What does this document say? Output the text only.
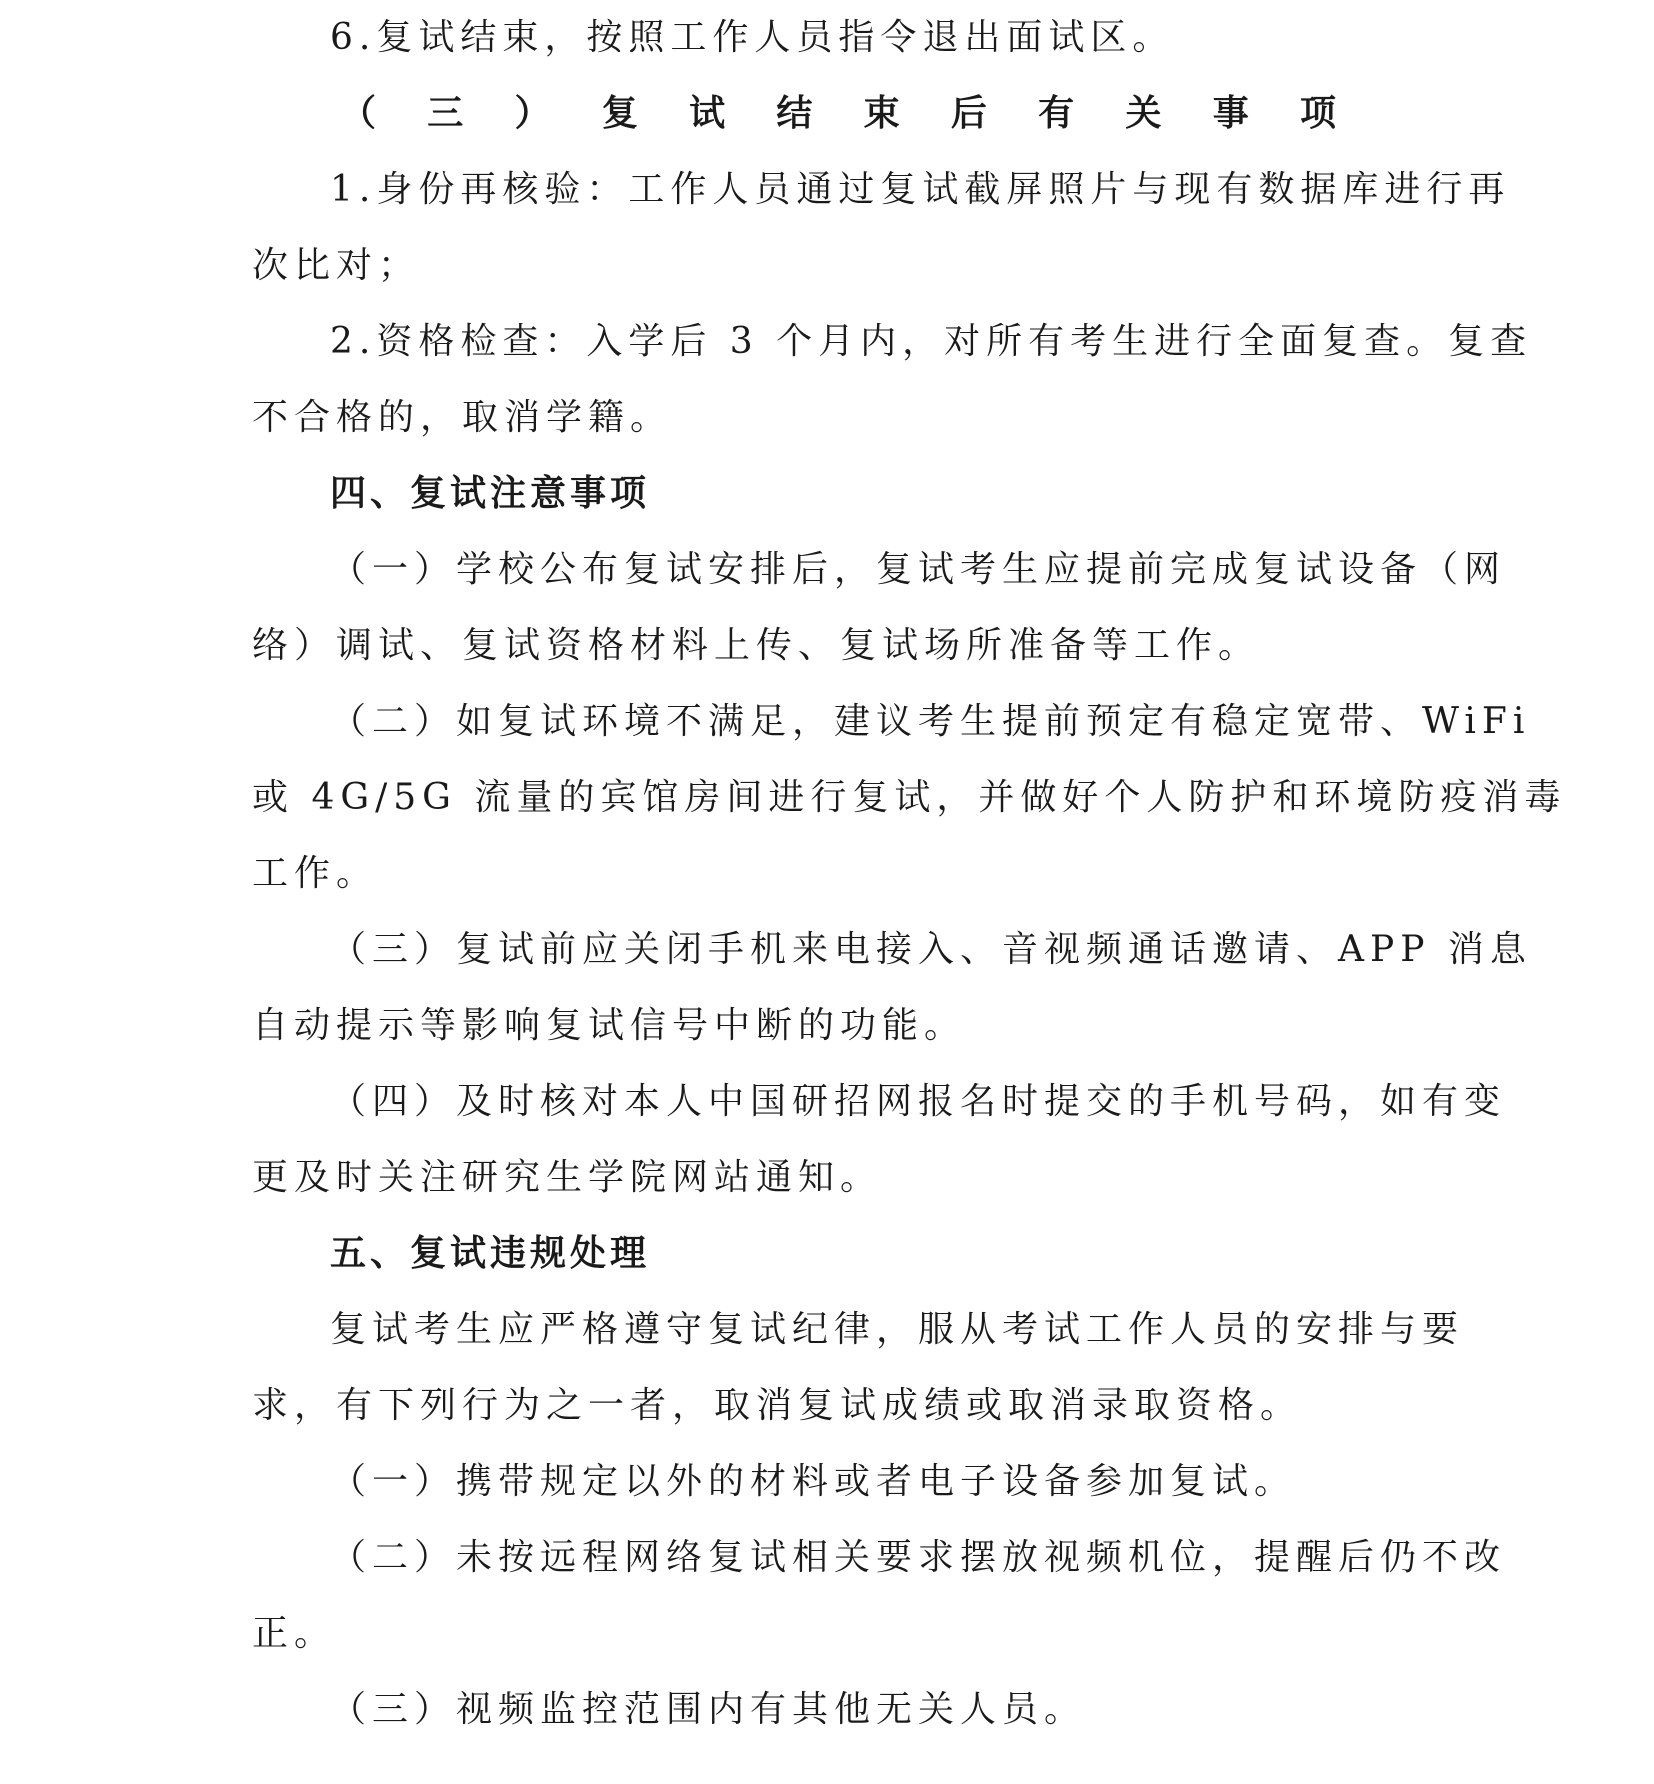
6.复试结束，按照工作人员指令退出面试区。

（三）复试结束后有关事项

1.身份再核验：工作人员通过复试截屏照片与现有数据库进行再

次比对；

2.资格检查：入学后 3 个月内，对所有考生进行全面复查。复查

不合格的，取消学籍。

四、复试注意事项

（一）学校公布复试安排后，复试考生应提前完成复试设备（网

络）调试、复试资格材料上传、复试场所准备等工作。

（二）如复试环境不满足，建议考生提前预定有稳定宽带、WiFi

或 4G/5G 流量的宾馆房间进行复试，并做好个人防护和环境防疫消毒

工作。

（三）复试前应关闭手机来电接入、音视频通话邀请、APP 消息

自动提示等影响复试信号中断的功能。

（四）及时核对本人中国研招网报名时提交的手机号码，如有变

更及时关注研究生学院网站通知。

五、复试违规处理

复试考生应严格遵守复试纪律，服从考试工作人员的安排与要

求，有下列行为之一者，取消复试成绩或取消录取资格。

（一）携带规定以外的材料或者电子设备参加复试。

（二）未按远程网络复试相关要求摆放视频机位，提醒后仍不改

正。

（三）视频监控范围内有其他无关人员。
